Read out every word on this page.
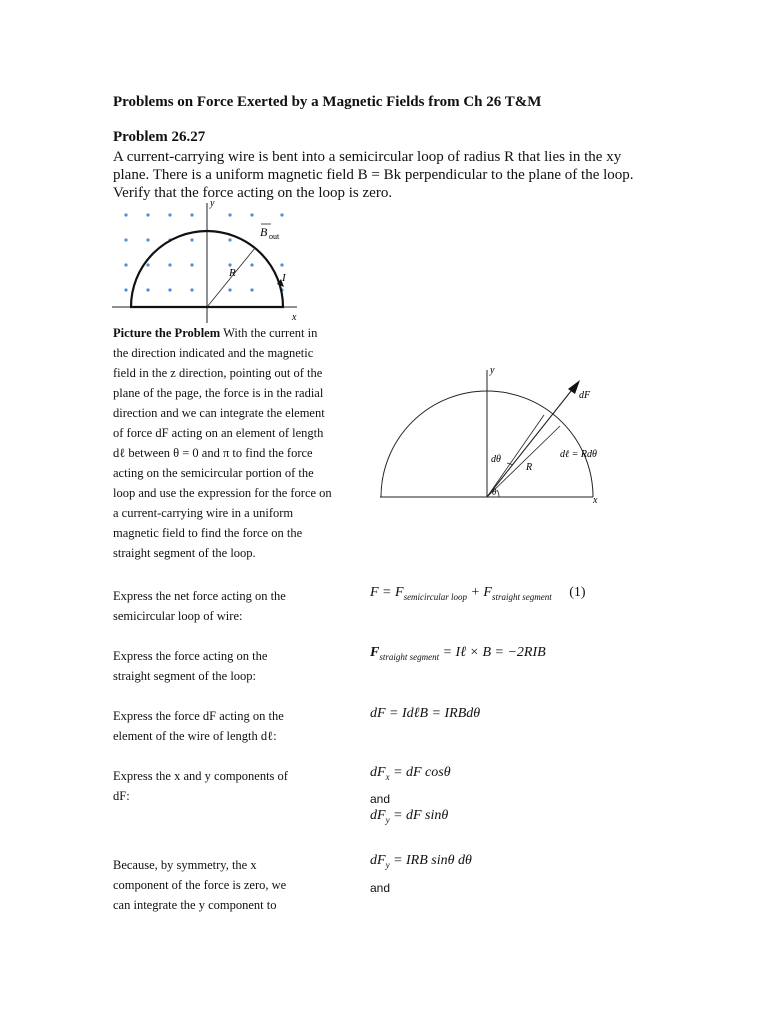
Problems on Force Exerted by a Magnetic Fields from Ch 26 T&M
Problem 26.27
A current-carrying wire is bent into a semicircular loop of radius R that lies in the xy
plane. There is a uniform magnetic field B = Bk perpendicular to the plane of the loop.
Verify that the force acting on the loop is zero.
y
x
B out
R	I
Picture the Problem With the current in
the direction indicated and the magnetic
field in the z direction, pointing out of the
plane of the page, the force is in the radial
direction and we can integrate the element
of force dF acting on an element of length
dℓ between θ = 0 and π to find the force
acting on the semicircular portion of the
loop and use the expression for the force on
a current-carrying wire in a uniform
magnetic field to find the force on the
straight segment of the loop.
y
x
dF
dℓ = Rdθ
dθ
R
θ
Express the net force acting on the
semicircular loop of wire:
Express the force acting on the
straight segment of the loop:
Express the force dF acting on the
element of the wire of length dℓ:
Express the x and y components of
dF:
Because, by symmetry, the x
component of the force is zero, we
can integrate the y component to
$F = F_{semicircular loop} + F_{straight segment}$ (1)
$F_{straight segment}$ = Iℓ × B = −2RIB
dF = IdℓB = IRBdθ
$dF_x$ = dF cosθ
and
$dF_y$ = dF sinθ
$dF_y$ = IRB sinθ dθ
and
